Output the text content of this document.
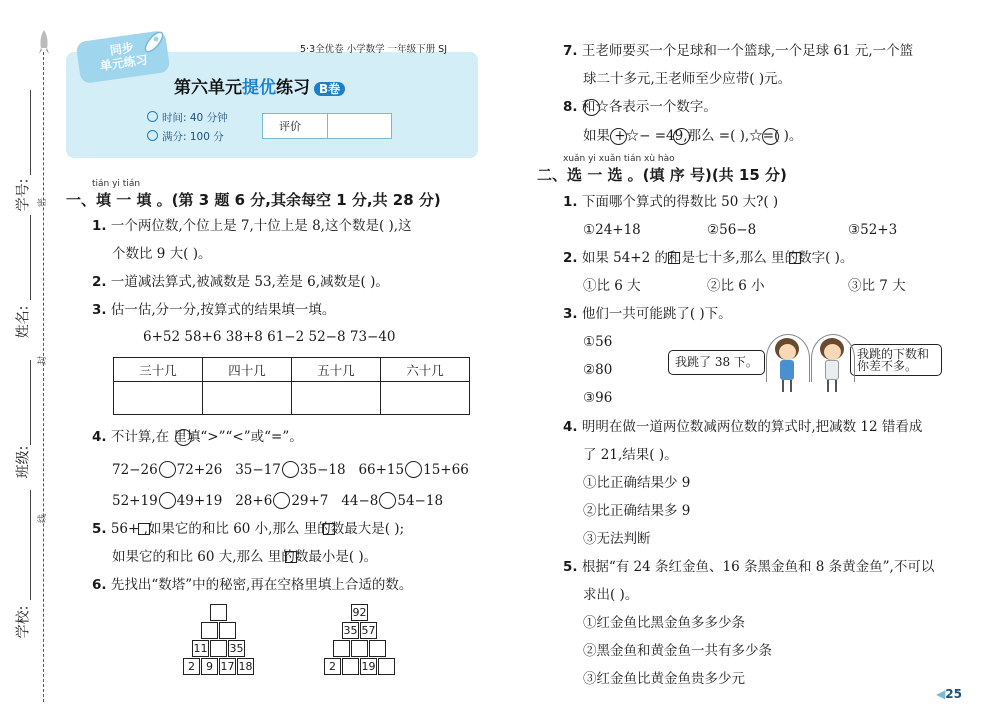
密
封
线
学号:
姓名:
班级:
学校:
同步
单元练习
5·3全优卷 小学数学 一年级下册 SJ
第六单元提优练习 B卷
时间: 40 分钟
满分: 100 分
评价
tián yi tián
一、填 一 填 。(第 3 题 6 分,其余每空 1 分,共 28 分)
1. 一个两位数,个位上是 7,十位上是 8,这个数是( ),这
个数比 9 大( )。
2. 一道减法算式,被减数是 53,差是 6,减数是( )。
3. 估一估,分一分,按算式的结果填一填。
6+52 58+6 38+8 61−2 52−8 73−40
三十几	四十几	五十几	六十几

4. 不计算,在 里填“>”“<”或“=”。
72−26 72+26 35−17 35−18 66+15 15+66
52+19 49+19 28+6 29+7 44−8 54−18
5. 56+ ,如果它的和比 60 小,那么 里的数最大是( );
如果它的和比 60 大,那么 里的数最小是( )。
6. 先找出“数塔”中的秘密,再在空格里填上合适的数。
11 35
2	9 17 18
92
35 57
2	19
7. 王老师要买一个足球和一个篮球,一个足球 61 元,一个篮
球二十多元,王老师至少应带( )元。
8. 和☆各表示一个数字。
如果 +☆− =49,那么 =( ),☆=( )。
xuǎn yi xuǎn tián xù hào
二、选 一 选 。(填 序 号)(共 15 分)
1. 下面哪个算式的得数比 50 大?( )
①24+18	②56−8	③52+3
2. 如果 54+2 的和是七十多,那么 里的数字( )。
①比 6 大	②比 6 小	③比 7 大
3. 他们一共可能跳了( )下。
①56
②80
③96
我跳了 38 下。
我跳的下数和
你差不多。
4. 明明在做一道两位数减两位数的算式时,把减数 12 错看成
了 21,结果( )。
①比正确结果少 9
②比正确结果多 9
③无法判断
5. 根据“有 24 条红金鱼、16 条黑金鱼和 8 条黄金鱼”,不可以
求出( )。
①红金鱼比黑金鱼多多少条
②黑金鱼和黄金鱼一共有多少条
③红金鱼比黄金鱼贵多少元
◀25
